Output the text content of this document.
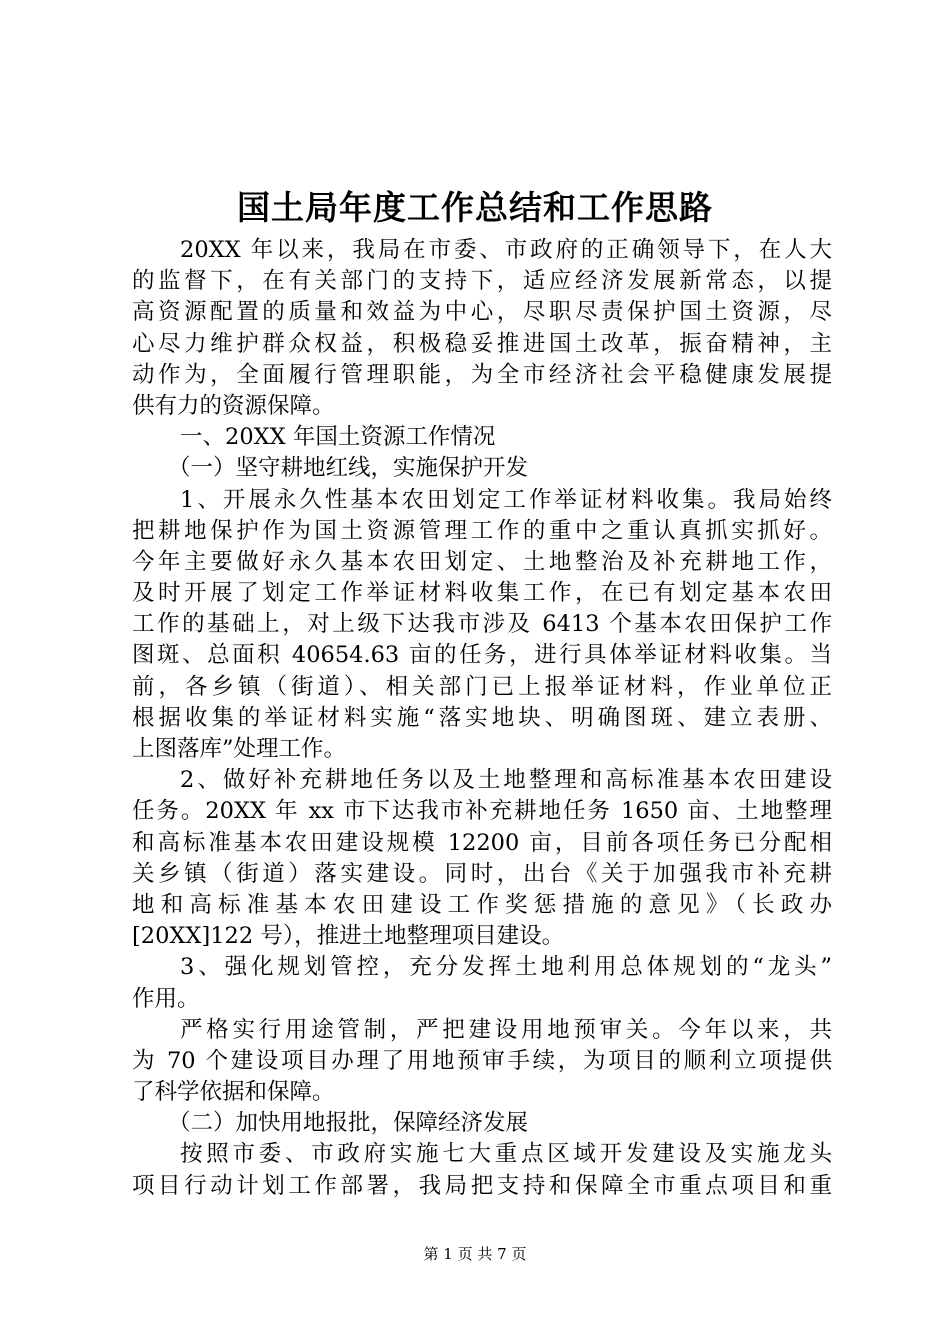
国土局年度工作总结和工作思路
20XX 年以来，我局在市委、市政府的正确领导下，在人大
的监督下，在有关部门的支持下，适应经济发展新常态，以提
高资源配置的质量和效益为中心，尽职尽责保护国土资源，尽
心尽力维护群众权益，积极稳妥推进国土改革，振奋精神，主
动作为，全面履行管理职能，为全市经济社会平稳健康发展提
供有力的资源保障。
一、20XX 年国土资源工作情况
（一）坚守耕地红线，实施保护开发
1、开展永久性基本农田划定工作举证材料收集。我局始终
把耕地保护作为国土资源管理工作的重中之重认真抓实抓好。
今年主要做好永久基本农田划定、土地整治及补充耕地工作，
及时开展了划定工作举证材料收集工作，在已有划定基本农田
工作的基础上，对上级下达我市涉及 6413 个基本农田保护工作
图斑、总面积 40654.63 亩的任务，进行具体举证材料收集。当
前，各乡镇（街道）、相关部门已上报举证材料，作业单位正
根据收集的举证材料实施“落实地块、明确图斑、建立表册、
上图落库”处理工作。
2、做好补充耕地任务以及土地整理和高标准基本农田建设
任务。20XX 年 xx 市下达我市补充耕地任务 1650 亩、土地整理
和高标准基本农田建设规模 12200 亩，目前各项任务已分配相
关乡镇（街道）落实建设。同时，出台《关于加强我市补充耕
地和高标准基本农田建设工作奖惩措施的意见》（长政办
[20XX]122 号），推进土地整理项目建设。
3、强化规划管控，充分发挥土地利用总体规划的“龙头”
作用。
严格实行用途管制，严把建设用地预审关。今年以来，共
为 70 个建设项目办理了用地预审手续，为项目的顺利立项提供
了科学依据和保障。
（二）加快用地报批，保障经济发展
按照市委、市政府实施七大重点区域开发建设及实施龙头
项目行动计划工作部署，我局把支持和保障全市重点项目和重
第 1 页 共 7 页
